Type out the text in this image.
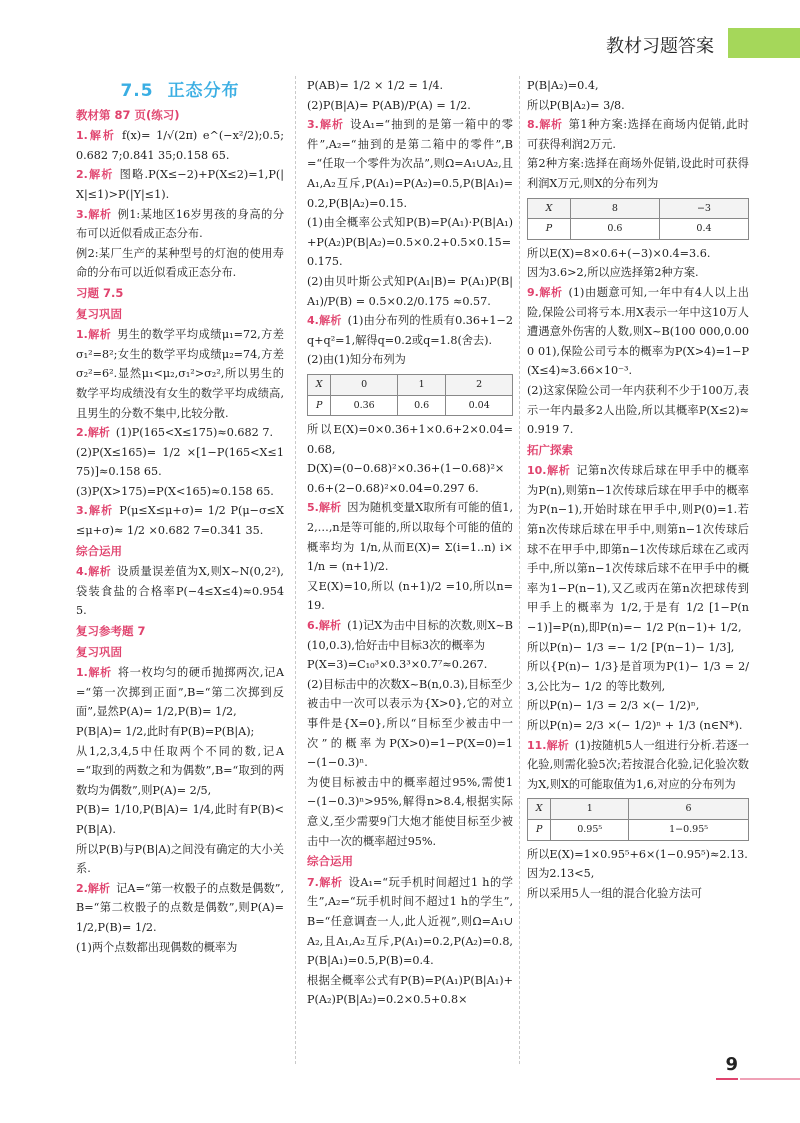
教材习题答案
7.5 正态分布
教材第 87 页(练习)

1.解析 f(x)= 1/√(2π) e^(−x²/2);0.5;0.682 7;0.841 35;0.158 65.

2.解析 图略.P(X≤−2)+P(X≤2)=1,P(|X|≤1)>P(|Y|≤1).

3.解析 例1:某地区16岁男孩的身高的分布可以近似看成正态分布.

例2:某厂生产的某种型号的灯泡的使用寿命的分布可以近似看成正态分布.

习题 7.5
复习巩固

1.解析 男生的数学平均成绩μ₁=72,方差σ₁²=8²;女生的数学平均成绩μ₂=74,方差σ₂²=6².显然μ₁<μ₂,σ₁²>σ₂²,所以男生的数学平均成绩没有女生的数学平均成绩高,且男生的分数不集中,比较分散.

2.解析 (1)P(165<X≤175)≈0.682 7.

(2)P(X≤165)= 1/2 ×[1−P(165<X≤175)]≈0.158 65.

(3)P(X>175)=P(X<165)≈0.158 65.

3.解析 P(μ≤X≤μ+σ)= 1/2 P(μ−σ≤X≤μ+σ)≈ 1/2 ×0.682 7=0.341 35.

综合运用

4.解析 设质量误差值为X,则X~N(0,2²),袋装食盐的合格率P(−4≤X≤4)≈0.954 5.

复习参考题 7
复习巩固

1.解析 将一枚均匀的硬币抛掷两次,记A=“第一次掷到正面”,B=“第二次掷到反面”,显然P(A)= 1/2,P(B)= 1/2,

P(B|A)= 1/2,此时有P(B)=P(B|A);

从1,2,3,4,5中任取两个不同的数,记A=“取到的两数之和为偶数”,B=“取到的两数均为偶数”,则P(A)= 2/5,

P(B)= 1/10,P(B|A)= 1/4,此时有P(B)<P(B|A).

所以P(B)与P(B|A)之间没有确定的大小关系.

2.解析 记A=“第一枚骰子的点数是偶数”,B=“第二枚骰子的点数是偶数”,则P(A)= 1/2,P(B)= 1/2.

(1)两个点数都出现偶数的概率为

P(AB)= 1/2 × 1/2 = 1/4.

(2)P(B|A)= P(AB)/P(A) = 1/2.

3.解析 设A₁=“抽到的是第一箱中的零件”,A₂=“抽到的是第二箱中的零件”,B=“任取一个零件为次品”,则Ω=A₁∪A₂,且A₁,A₂互斥,P(A₁)=P(A₂)=0.5,P(B|A₁)=0.2,P(B|A₂)=0.15.

(1)由全概率公式知P(B)=P(A₁)·P(B|A₁)+P(A₂)P(B|A₂)=0.5×0.2+0.5×0.15=0.175.

(2)由贝叶斯公式知P(A₁|B)= P(A₁)P(B|A₁)/P(B) = 0.5×0.2/0.175 ≈0.57.

4.解析 (1)由分布列的性质有0.36+1−2q+q²=1,解得q=0.2或q=1.8(舍去).

(2)由(1)知分布列为

X	0	1	2
P	0.36	0.6	0.04

所以E(X)=0×0.36+1×0.6+2×0.04=0.68,

D(X)=(0−0.68)²×0.36+(1−0.68)²×0.6+(2−0.68)²×0.04=0.297 6.

5.解析 因为随机变量X取所有可能的值1,2,…,n是等可能的,所以取每个可能的值的概率均为 1/n,从而E(X)= Σ(i=1..n) i× 1/n = (n+1)/2.

又E(X)=10,所以 (n+1)/2 =10,所以n=19.

6.解析 (1)记X为击中目标的次数,则X~B(10,0.3),恰好击中目标3次的概率为

P(X=3)=C₁₀³×0.3³×0.7⁷≈0.267.

(2)目标击中的次数X~B(n,0.3),目标至少被击中一次可以表示为{X>0},它的对立事件是{X=0},所以“目标至少被击中一次”的概率为P(X>0)=1−P(X=0)=1−(1−0.3)ⁿ.

为使目标被击中的概率超过95%,需使1−(1−0.3)ⁿ>95%,解得n>8.4,根据实际意义,至少需要9门大炮才能使目标至少被击中一次的概率超过95%.

综合运用

7.解析 设A₁=“玩手机时间超过1 h的学生”,A₂=“玩手机时间不超过1 h的学生”,B=“任意调查一人,此人近视”,则Ω=A₁∪A₂,且A₁,A₂互斥,P(A₁)=0.2,P(A₂)=0.8,P(B|A₁)=0.5,P(B)=0.4.

根据全概率公式有P(B)=P(A₁)P(B|A₁)+P(A₂)P(B|A₂)=0.2×0.5+0.8×

P(B|A₂)=0.4,

所以P(B|A₂)= 3/8.

8.解析 第1种方案:选择在商场内促销,此时可获得利润2万元.

第2种方案:选择在商场外促销,设此时可获得利润X万元,则X的分布列为

X	8	−3
P	0.6	0.4

所以E(X)=8×0.6+(−3)×0.4=3.6.

因为3.6>2,所以应选择第2种方案.

9.解析 (1)由题意可知,一年中有4人以上出险,保险公司将亏本.用X表示一年中这10万人遭遇意外伤害的人数,则X~B(100 000,0.000 01),保险公司亏本的概率为P(X>4)=1−P(X≤4)≈3.66×10⁻³.

(2)这家保险公司一年内获利不少于100万,表示一年内最多2人出险,所以其概率P(X≤2)≈0.919 7.

拓广探索

10.解析 记第n次传球后球在甲手中的概率为P(n),则第n−1次传球后球在甲手中的概率为P(n−1),开始时球在甲手中,则P(0)=1.若第n次传球后球在甲手中,则第n−1次传球后球不在甲手中,即第n−1次传球后球在乙或丙手中,所以第n−1次传球后球不在甲手中的概率为1−P(n−1),又乙或丙在第n次把球传到甲手上的概率为 1/2,于是有 1/2 [1−P(n−1)]=P(n),即P(n)=− 1/2 P(n−1)+ 1/2,

所以P(n)− 1/3 =− 1/2 [P(n−1)− 1/3],

所以{P(n)− 1/3}是首项为P(1)− 1/3 = 2/3,公比为− 1/2 的等比数列,

所以P(n)− 1/3 = 2/3 ×(− 1/2)ⁿ,

所以P(n)= 2/3 ×(− 1/2)ⁿ + 1/3 (n∈N*).

11.解析 (1)按随机5人一组进行分析.若逐一化验,则需化验5次;若按混合化验,记化验次数为X,则X的可能取值为1,6,对应的分布列为

X	1	6
P	0.95⁵	1−0.95⁵

所以E(X)=1×0.95⁵+6×(1−0.95⁵)≈2.13.

因为2.13<5,

所以采用5人一组的混合化验方法可

9
